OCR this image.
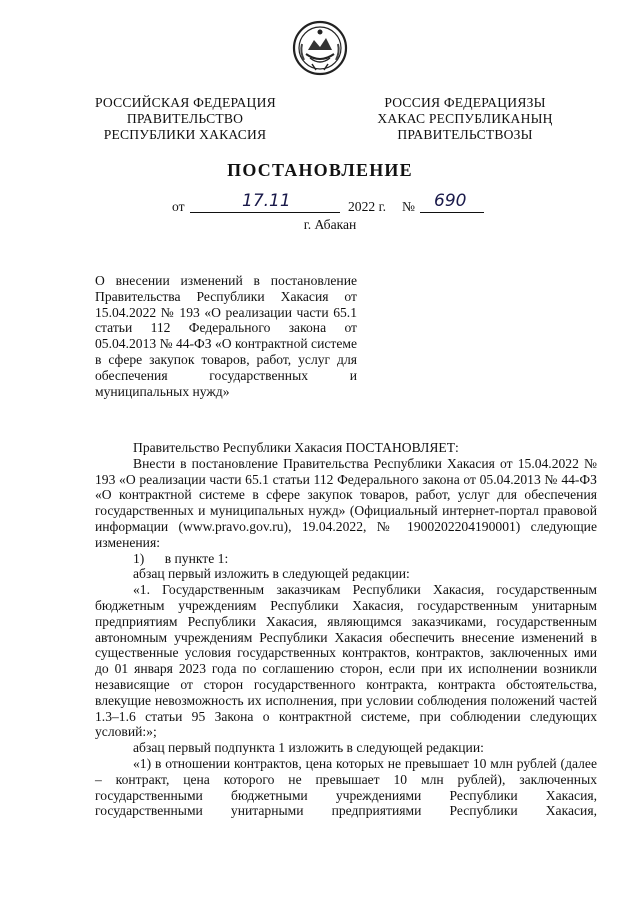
РОССИЙСКАЯ ФЕДЕРАЦИЯ
ПРАВИТЕЛЬСТВО
РЕСПУБЛИКИ ХАКАСИЯ
РОССИЯ ФЕДЕРАЦИЯЗЫ
ХАКАС РЕСПУБЛИКАНЫҢ
ПРАВИТЕЛЬСТВОЗЫ
ПОСТАНОВЛЕНИЕ
от	17.11	2022 г. № 690
г. Абакан
О внесении изменений в постановление Правительства Республики Хакасия от 15.04.2022 № 193 «О реализации части 65.1 статьи 112 Федерального закона от 05.04.2013 № 44-ФЗ «О контрактной системе в сфере закупок товаров, работ, услуг для обеспечения государственных и муниципальных нужд»

Правительство Республики Хакасия ПОСТАНОВЛЯЕТ:

Внести в постановление Правительства Республики Хакасия от 15.04.2022 № 193 «О реализации части 65.1 статьи 112 Федерального закона от 05.04.2013 № 44-ФЗ «О контрактной системе в сфере закупок товаров, работ, услуг для обеспечения государственных и муниципальных нужд» (Официальный интернет-портал правовой информации (www.pravo.gov.ru), 19.04.2022, № 1900202204190001) следующие изменения:

1)  в пункте 1:

абзац первый изложить в следующей редакции:

«1. Государственным заказчикам Республики Хакасия, государственным бюджетным учреждениям Республики Хакасия, государственным унитарным предприятиям Республики Хакасия, являющимся заказчиками, государственным автономным учреждениям Республики Хакасия обеспечить внесение изменений в существенные условия государственных контрактов, контрактов, заключенных ими до 01 января 2023 года по соглашению сторон, если при их исполнении возникли независящие от сторон государственного контракта, контракта обстоятельства, влекущие невозможность их исполнения, при условии соблюдения положений частей 1.3–1.6 статьи 95 Закона о контрактной системе, при соблюдении следующих условий:»;

абзац первый подпункта 1 изложить в следующей редакции:

«1) в отношении контрактов, цена которых не превышает 10 млн рублей (далее – контракт, цена которого не превышает 10 млн рублей), заключенных государственными бюджетными учреждениями Республики Хакасия, государственными унитарными предприятиями Республики Хакасия,
